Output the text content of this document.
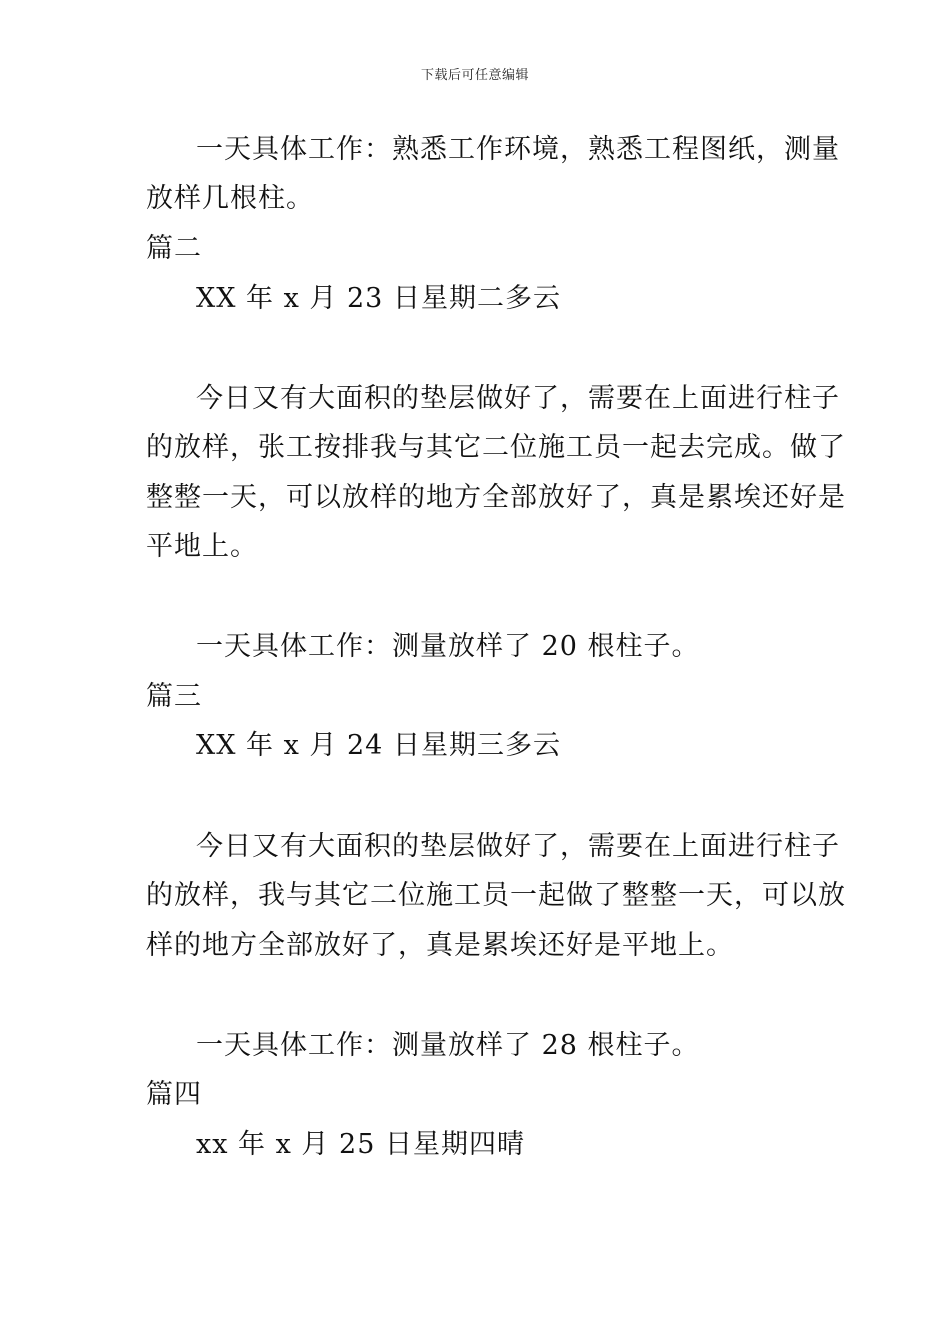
下载后可任意编辑
一天具体工作：熟悉工作环境，熟悉工程图纸，测量
放样几根柱。
篇二
XX 年 x 月 23 日星期二多云
今日又有大面积的垫层做好了，需要在上面进行柱子
的放样，张工按排我与其它二位施工员一起去完成。做了
整整一天，可以放样的地方全部放好了，真是累埃还好是
平地上。
一天具体工作：测量放样了 20 根柱子。
篇三
XX 年 x 月 24 日星期三多云
今日又有大面积的垫层做好了，需要在上面进行柱子
的放样，我与其它二位施工员一起做了整整一天，可以放
样的地方全部放好了，真是累埃还好是平地上。
一天具体工作：测量放样了 28 根柱子。
篇四
xx 年 x 月 25 日星期四晴
